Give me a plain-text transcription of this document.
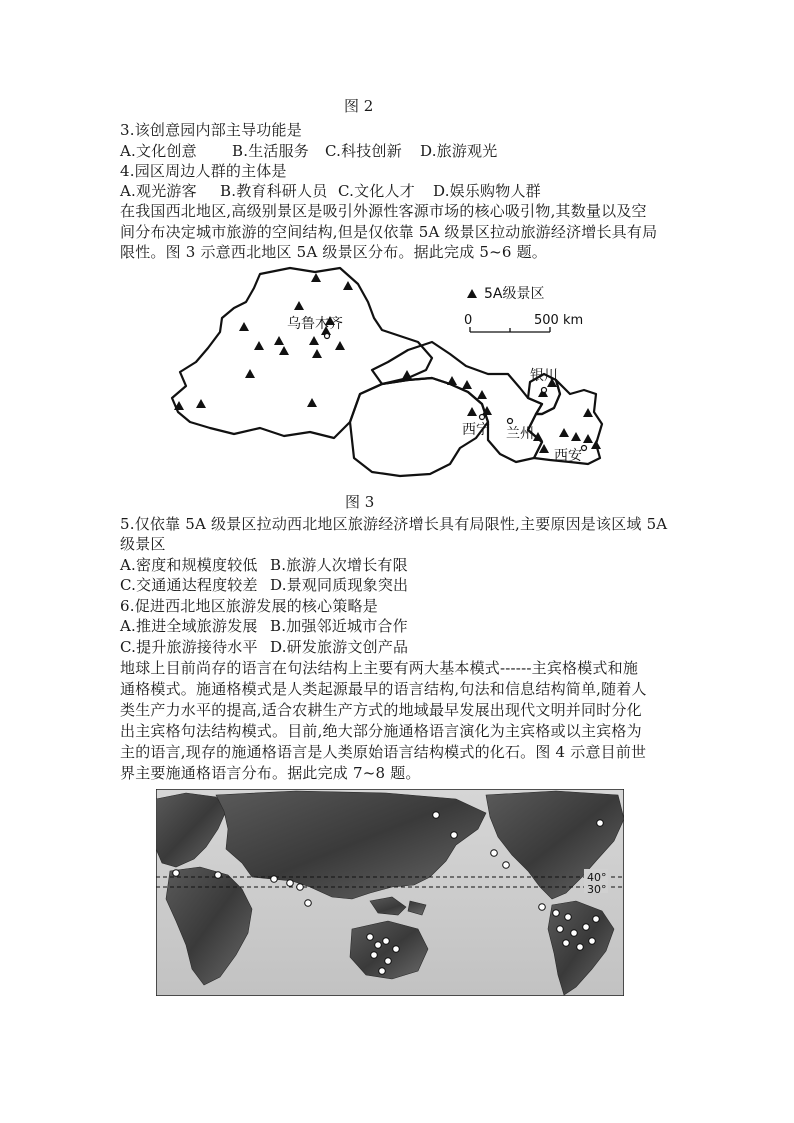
图 2
3.该创意园内部主导功能是
A.文化创意 B.生活服务 C.科技创新 D.旅游观光
4.园区周边人群的主体是
A.观光游客 B.教育科研人员 C.文化人才 D.娱乐购物人群
在我国西北地区,高级别景区是吸引外源性客源市场的核心吸引物,其数量以及空
间分布决定城市旅游的空间结构,但是仅依靠 5A 级景区拉动旅游经济增长具有局
限性。图 3 示意西北地区 5A 级景区分布。据此完成 5~6 题。
乌鲁木齐
银川
西宁 兰州
西安
5A级景区
0	500 km
图 3
5.仅依靠 5A 级景区拉动西北地区旅游经济增长具有局限性,主要原因是该区域 5A
级景区
A.密度和规模度较低 B.旅游人次增长有限
C.交通通达程度较差 D.景观同质现象突出
6.促进西北地区旅游发展的核心策略是
A.推进全域旅游发展 B.加强邻近城市合作
C.提升旅游接待水平 D.研发旅游文创产品
地球上目前尚存的语言在句法结构上主要有两大基本模式------主宾格模式和施
通格模式。施通格模式是人类起源最早的语言结构,句法和信息结构简单,随着人
类生产力水平的提高,适合农耕生产方式的地域最早发展出现代文明并同时分化
出主宾格句法结构模式。目前,绝大部分施通格语言演化为主宾格或以主宾格为
主的语言,现存的施通格语言是人类原始语言结构模式的化石。图 4 示意目前世
界主要施通格语言分布。据此完成 7~8 题。
40°
30°
